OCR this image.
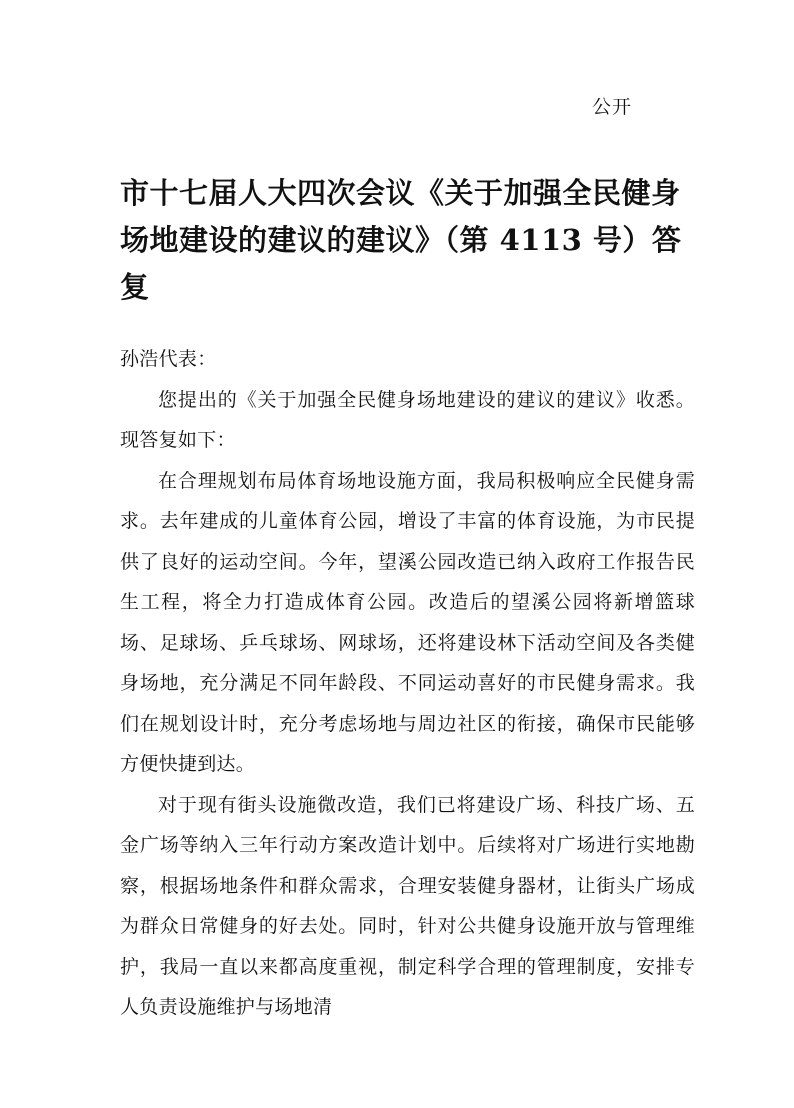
公开
市十七届人大四次会议《关于加强全民健身场地建设的建议的建议》（第 4113 号）答复

孙浩代表：

您提出的《关于加强全民健身场地建设的建议的建议》收悉。现答复如下：

在合理规划布局体育场地设施方面，我局积极响应全民健身需求。去年建成的儿童体育公园，增设了丰富的体育设施，为市民提供了良好的运动空间。今年，望溪公园改造已纳入政府工作报告民生工程，将全力打造成体育公园。改造后的望溪公园将新增篮球场、足球场、乒乓球场、网球场，还将建设林下活动空间及各类健身场地，充分满足不同年龄段、不同运动喜好的市民健身需求。我们在规划设计时，充分考虑场地与周边社区的衔接，确保市民能够方便快捷到达。

对于现有街头设施微改造，我们已将建设广场、科技广场、五金广场等纳入三年行动方案改造计划中。后续将对广场进行实地勘察，根据场地条件和群众需求，合理安装健身器材，让街头广场成为群众日常健身的好去处。同时，针对公共健身设施开放与管理维护，我局一直以来都高度重视，制定科学合理的管理制度，安排专人负责设施维护与场地清
